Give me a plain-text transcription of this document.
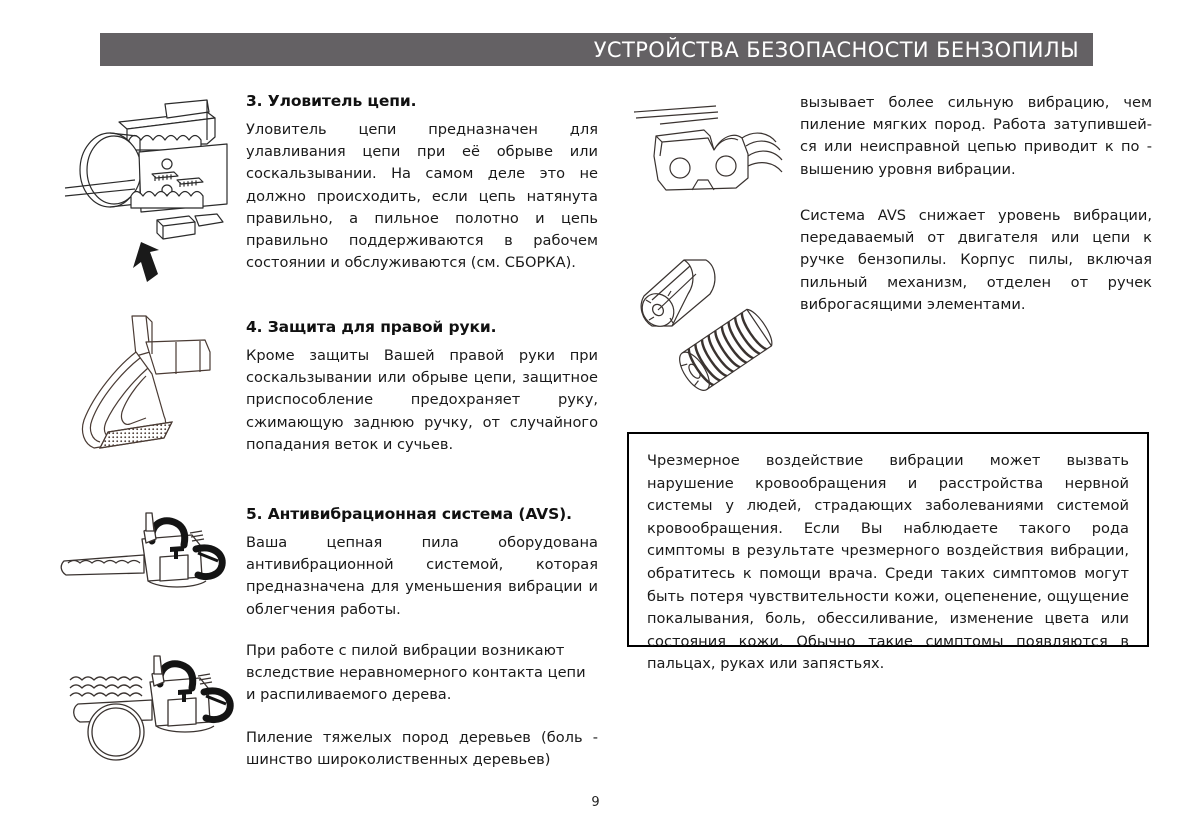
УСТРОЙСТВА БЕЗОПАСНОСТИ БЕНЗОПИЛЫ
3. Уловитель цепи.

Уловитель цепи предназначен для улавливания цепи при её обрыве или соскальзывании. На самом деле это не должно происходить, если цепь натянута правильно, а пильное полотно и цепь правильно поддерживаются в рабочем состоянии и обслуживаются (см. СБОРКА).

4. Защита для правой руки.

Кроме защиты Вашей правой руки при соскальзывании или обрыве цепи, защитное приспособление предохраняет руку, сжимающую заднюю ручку, от случайного попадания веток и сучьев.

5. Антивибрационная система (AVS).

Ваша цепная пила оборудована антивибрационной системой, которая предназначена для уменьшения вибрации и облегчения работы.

При работе с пилой вибрации возникают вследствие неравномерного контакта цепи и распиливаемого дерева.

Пиление тяжелых пород деревьев (боль - шинство широколиственных деревьев)

вызывает более сильную вибрацию, чем пиление мягких пород. Работа затупившей- ся или неисправной цепью приводит к по - вышению уровня вибрации.

Система AVS снижает уровень вибрации, передаваемый от двигателя или цепи к ручке бензопилы. Корпус пилы, включая пильный механизм, отделен от ручек виброгасящими элементами.

Чрезмерное воздействие вибрации может вызвать нарушение кровообращения и расстройства нервной системы у людей, страдающих заболеваниями системой кровообращения. Если Вы наблюдаете такого рода симптомы в результате чрезмерного воздействия вибрации, обратитесь к помощи врача. Среди таких симптомов могут быть потеря чувствительности кожи, оцепенение, ощущение покалывания, боль, обессиливание, изменение цвета или состояния кожи. Обычно такие симптомы появляются в пальцах, руках или запястьях.

9
